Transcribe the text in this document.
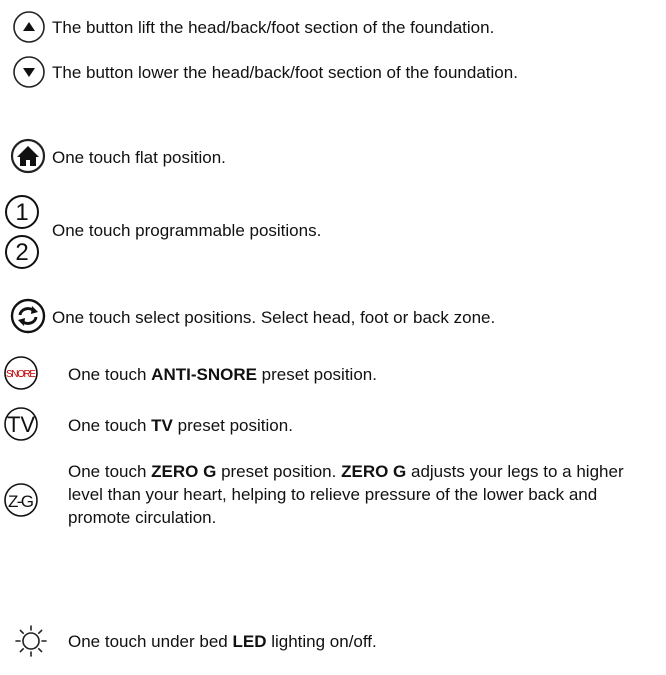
The button lift the head/back/foot section of the foundation.
The button lower the head/back/foot section of the foundation.
One touch flat position.
1
2
One touch programmable positions.
One touch select positions. Select head, foot or back zone.
SNORE One touch ANTI-SNORE preset position.
TV One touch TV preset position.
Z-G
One touch ZERO G preset position. ZERO G adjusts your legs to a higher level than your heart, helping to relieve pressure of the lower back and promote circulation.
One touch under bed LED lighting on/off.
